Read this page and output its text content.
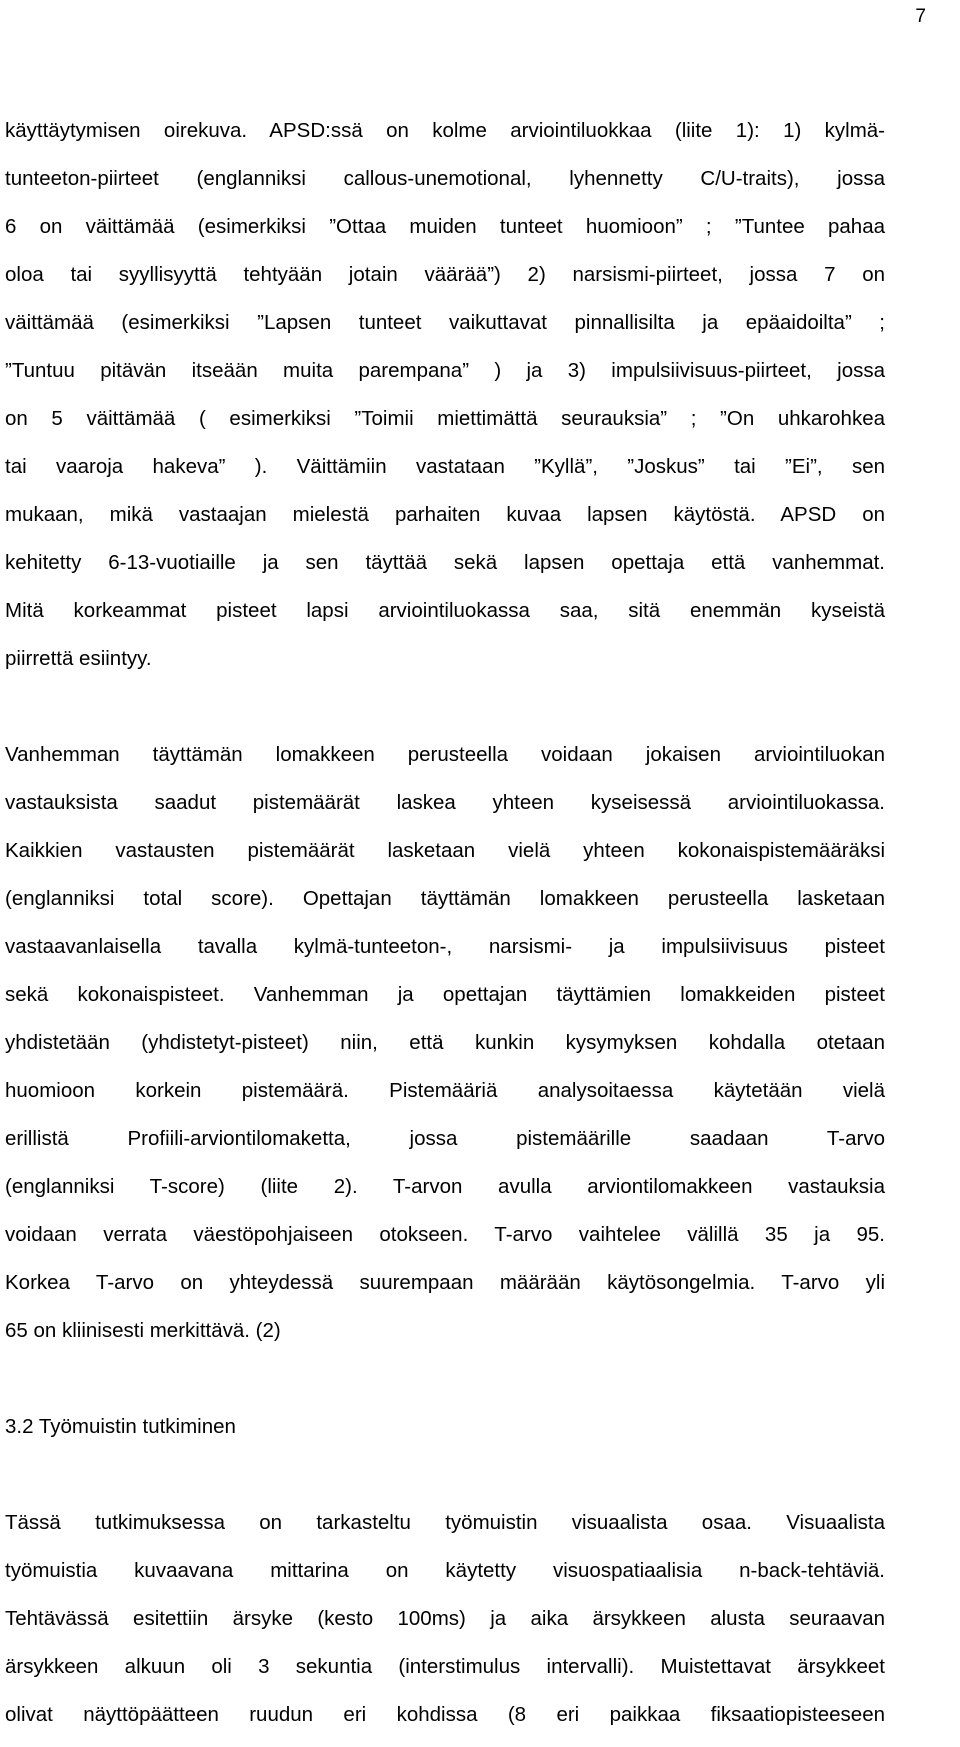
7
käyttäytymisen oirekuva. APSD:ssä on kolme arviointiluokkaa (liite 1): 1) kylmä-
tunteeton-piirteet (englanniksi callous-unemotional, lyhennetty C/U-traits), jossa
6 on väittämää (esimerkiksi ”Ottaa muiden tunteet huomioon” ; ”Tuntee pahaa
oloa tai syyllisyyttä tehtyään jotain väärää”) 2) narsismi-piirteet, jossa 7 on
väittämää (esimerkiksi ”Lapsen tunteet vaikuttavat pinnallisilta ja epäaidoilta” ;
”Tuntuu pitävän itseään muita parempana” ) ja 3) impulsiivisuus-piirteet, jossa
on 5 väittämää ( esimerkiksi ”Toimii miettimättä seurauksia” ; ”On uhkarohkea
tai vaaroja hakeva” ). Väittämiin vastataan ”Kyllä”, ”Joskus” tai ”Ei”, sen
mukaan, mikä vastaajan mielestä parhaiten kuvaa lapsen käytöstä. APSD on
kehitetty 6-13-vuotiaille ja sen täyttää sekä lapsen opettaja että vanhemmat.
Mitä korkeammat pisteet lapsi arviointiluokassa saa, sitä enemmän kyseistä
piirrettä esiintyy.
Vanhemman täyttämän lomakkeen perusteella voidaan jokaisen arviointiluokan
vastauksista saadut pistemäärät laskea yhteen kyseisessä arviointiluokassa.
Kaikkien vastausten pistemäärät lasketaan vielä yhteen kokonaispistemääräksi
(englanniksi total score). Opettajan täyttämän lomakkeen perusteella lasketaan
vastaavanlaisella tavalla kylmä-tunteeton-, narsismi- ja impulsiivisuus pisteet
sekä kokonaispisteet. Vanhemman ja opettajan täyttämien lomakkeiden pisteet
yhdistetään (yhdistetyt-pisteet) niin, että kunkin kysymyksen kohdalla otetaan
huomioon korkein pistemäärä. Pistemääriä analysoitaessa käytetään vielä
erillistä Profiili-arviontilomaketta, jossa pistemäärille saadaan T-arvo
(englanniksi T-score) (liite 2). T-arvon avulla arviontilomakkeen vastauksia
voidaan verrata väestöpohjaiseen otokseen. T-arvo vaihtelee välillä 35 ja 95.
Korkea T-arvo on yhteydessä suurempaan määrään käytösongelmia. T-arvo yli
65 on kliinisesti merkittävä. (2)
3.2 Työmuistin tutkiminen
Tässä tutkimuksessa on tarkasteltu työmuistin visuaalista osaa. Visuaalista
työmuistia kuvaavana mittarina on käytetty visuospatiaalisia n-back-tehtäviä.
Tehtävässä esitettiin ärsyke (kesto 100ms) ja aika ärsykkeen alusta seuraavan
ärsykkeen alkuun oli 3 sekuntia (interstimulus intervalli). Muistettavat ärsykkeet
olivat näyttöpäätteen ruudun eri kohdissa (8 eri paikkaa fiksaatiopisteeseen
